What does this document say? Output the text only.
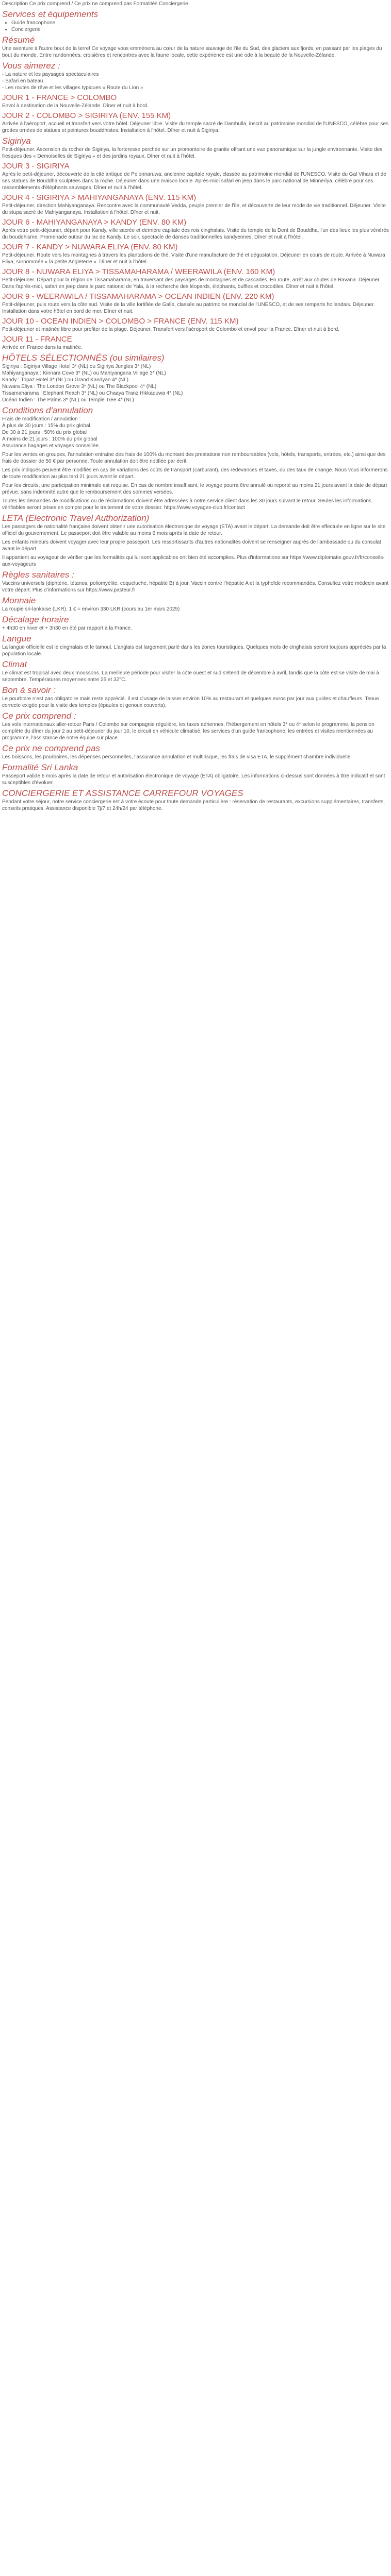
Description Ce prix comprend / Ce prix ne comprend pas Formalités Conciergerie

Services et équipements
• Guide francophone
• Conciergerie
Résumé

Une aventure à l'autre bout de la terre! Ce voyage vous emmènera au cœur de la nature sauvage de l'île du Sud, des glaciers aux fjords, en passant par les plages du bout du monde. Entre randonnées, croisières et rencontres avec la faune locale, cette expérience est une ode à la beauté de la Nouvelle-Zélande.

Vous aimerez :

- La nature et les paysages spectaculaires
- Safari en bateau
- Les routes de rêve et les villages typiques « Route du Lion »

JOUR 1 - FRANCE > COLOMBO

Envol à destination de la Nouvelle-Zélande. Dîner et nuit à bord.

JOUR 2 - COLOMBO > SIGIRIYA (ENV. 155 KM)

Arrivée à l'aéroport, accueil et transfert vers votre hôtel. Déjeuner libre. Visite du temple sacré de Dambulla, inscrit au patrimoine mondial de l'UNESCO, célèbre pour ses grottes ornées de statues et peintures bouddhistes. Installation à l'hôtel. Dîner et nuit à Sigiriya.

Sigiriya

Petit-déjeuner. Ascension du rocher de Sigiriya, la forteresse perchée sur un promontoire de granite offrant une vue panoramique sur la jungle environnante. Visite des fresques des « Demoiselles de Sigiriya » et des jardins royaux. Dîner et nuit à l'hôtel.

JOUR 3 - SIGIRIYA

Après le petit-déjeuner, découverte de la cité antique de Polonnaruwa, ancienne capitale royale, classée au patrimoine mondial de l'UNESCO. Visite du Gal Vihara et de ses statues de Bouddha sculptées dans la roche. Déjeuner dans une maison locale. Après-midi safari en jeep dans le parc national de Minneriya, célèbre pour ses rassemblements d'éléphants sauvages. Dîner et nuit à l'hôtel.

JOUR 4 - SIGIRIYA > MAHIYANGANAYA (ENV. 115 KM)

Petit-déjeuner, direction Mahiyanganaya. Rencontre avec la communauté Vedda, peuple premier de l'île, et découverte de leur mode de vie traditionnel. Déjeuner. Visite du stupa sacré de Mahiyanganaya. Installation à l'hôtel. Dîner et nuit.

JOUR 6 - MAHIYANGANAYA > KANDY (ENV. 80 KM)

Après votre petit-déjeuner, départ pour Kandy, ville sacrée et dernière capitale des rois cinghalais. Visite du temple de la Dent de Bouddha, l'un des lieux les plus vénérés du bouddhisme. Promenade autour du lac de Kandy. Le soir, spectacle de danses traditionnelles kandyennes. Dîner et nuit à l'hôtel.

JOUR 7 - KANDY > NUWARA ELIYA (ENV. 80 KM)

Petit-déjeuner. Route vers les montagnes à travers les plantations de thé. Visite d'une manufacture de thé et dégustation. Déjeuner en cours de route. Arrivée à Nuwara Eliya, surnommée « la petite Angleterre ». Dîner et nuit à l'hôtel.

JOUR 8 - NUWARA ELIYA > TISSAMAHARAMA / WEERAWILA (ENV. 160 KM)

Petit-déjeuner. Départ pour la région de Tissamaharama, en traversant des paysages de montagnes et de cascades. En route, arrêt aux chutes de Ravana. Déjeuner. Dans l'après-midi, safari en jeep dans le parc national de Yala, à la recherche des léopards, éléphants, buffles et crocodiles. Dîner et nuit à l'hôtel.

JOUR 9 - WEERAWILA / TISSAMAHARAMA > OCEAN INDIEN (ENV. 220 KM)

Petit-déjeuner, puis route vers la côte sud. Visite de la ville fortifiée de Galle, classée au patrimoine mondial de l'UNESCO, et de ses remparts hollandais. Déjeuner. Installation dans votre hôtel en bord de mer. Dîner et nuit.

JOUR 10 - OCEAN INDIEN > COLOMBO > FRANCE (ENV. 115 KM)

Petit-déjeuner et matinée libre pour profiter de la plage. Déjeuner. Transfert vers l'aéroport de Colombo et envol pour la France. Dîner et nuit à bord.

JOUR 11 - FRANCE

Arrivée en France dans la matinée.

HÔTELS SÉLECTIONNÉS (ou similaires)

Sigiriya : Sigiriya Village Hotel 3* (NL) ou Sigiriya Jungles 3* (NL)
Mahiyanganaya : Kinnara Cove 3* (NL) ou Mahiyangana Village 3* (NL)
Kandy : Topaz Hotel 3* (NL) ou Grand Kandyan 4* (NL)
Nuwara Eliya : The London Grove 3* (NL) ou The Blackpool 4* (NL)
Tissamaharama : Elephant Reach 3* (NL) ou Chaaya Tranz Hikkaduwa 4* (NL)
Océan Indien : The Palms 3* (NL) ou Temple Tree 4* (NL)

Conditions d'annulation

Frais de modification / annulation :
À plus de 30 jours : 15% du prix global
De 30 à 21 jours : 50% du prix global
À moins de 21 jours : 100% du prix global
Assurance bagages et voyages conseillée.

Pour les ventes en groupes, l'annulation entraîne des frais de 100% du montant des prestations non remboursables (vols, hôtels, transports, entrées, etc.) ainsi que des frais de dossier de 50 € par personne. Toute annulation doit être notifiée par écrit.

Les prix indiqués peuvent être modifiés en cas de variations des coûts de transport (carburant), des redevances et taxes, ou des taux de change. Nous vous informerons de toute modification au plus tard 21 jours avant le départ.

Pour les circuits, une participation minimale est requise. En cas de nombre insuffisant, le voyage pourra être annulé ou reporté au moins 21 jours avant la date de départ prévue, sans indemnité autre que le remboursement des sommes versées.

Toutes les demandes de modifications ou de réclamations doivent être adressées à notre service client dans les 30 jours suivant le retour. Seules les informations vérifiables seront prises en compte pour le traitement de votre dossier. https://www.voyages-club.fr/contact

LETA (Electronic Travel Authorization)

Les passagers de nationalité française doivent obtenir une autorisation électronique de voyage (ETA) avant le départ. La demande doit être effectuée en ligne sur le site officiel du gouvernement. Le passeport doit être valable au moins 6 mois après la date de retour.

Les enfants mineurs doivent voyager avec leur propre passeport. Les ressortissants d'autres nationalités doivent se renseigner auprès de l'ambassade ou du consulat avant le départ.

Il appartient au voyageur de vérifier que les formalités qui lui sont applicables ont bien été accomplies. Plus d'informations sur https://www.diplomatie.gouv.fr/fr/conseils-aux-voyageurs

Règles sanitaires :

Vaccins universels (diphtérie, tétanos, poliomyélite, coqueluche, hépatite B) à jour. Vaccin contre l'hépatite A et la typhoïde recommandés. Consultez votre médecin avant votre départ. Plus d'informations sur https://www.pasteur.fr

Monnaie

La roupie sri-lankaise (LKR). 1 € = environ 330 LKR (cours au 1er mars 2025)

Décalage horaire

+ 4h30 en hiver et + 3h30 en été par rapport à la France.

Langue

La langue officielle est le cinghalais et le tamoul. L'anglais est largement parlé dans les zones touristiques. Quelques mots de cinghalais seront toujours appréciés par la population locale.

Climat

Le climat est tropical avec deux moussons. La meilleure période pour visiter la côte ouest et sud s'étend de décembre à avril, tandis que la côte est se visite de mai à septembre. Températures moyennes entre 25 et 32°C.

Bon à savoir :

Le pourboire n'est pas obligatoire mais reste apprécié. Il est d'usage de laisser environ 10% au restaurant et quelques euros par jour aux guides et chauffeurs. Tenue correcte exigée pour la visite des temples (épaules et genoux couverts).

Ce prix comprend :

Les vols internationaux aller-retour Paris / Colombo sur compagnie régulière, les taxes aériennes, l'hébergement en hôtels 3* ou 4* selon le programme, la pension complète du dîner du jour 2 au petit-déjeuner du jour 10, le circuit en véhicule climatisé, les services d'un guide francophone, les entrées et visites mentionnées au programme, l'assistance de notre équipe sur place.

Ce prix ne comprend pas

Les boissons, les pourboires, les dépenses personnelles, l'assurance annulation et multirisque, les frais de visa ETA, le supplément chambre individuelle.

Formalité Sri Lanka

Passeport valide 6 mois après la date de retour et autorisation électronique de voyage (ETA) obligatoire. Les informations ci-dessus sont données à titre indicatif et sont susceptibles d'évoluer.

CONCIERGERIE ET ASSISTANCE CARREFOUR VOYAGES

Pendant votre séjour, notre service conciergerie est à votre écoute pour toute demande particulière : réservation de restaurants, excursions supplémentaires, transferts, conseils pratiques. Assistance disponible 7j/7 et 24h/24 par téléphone.
